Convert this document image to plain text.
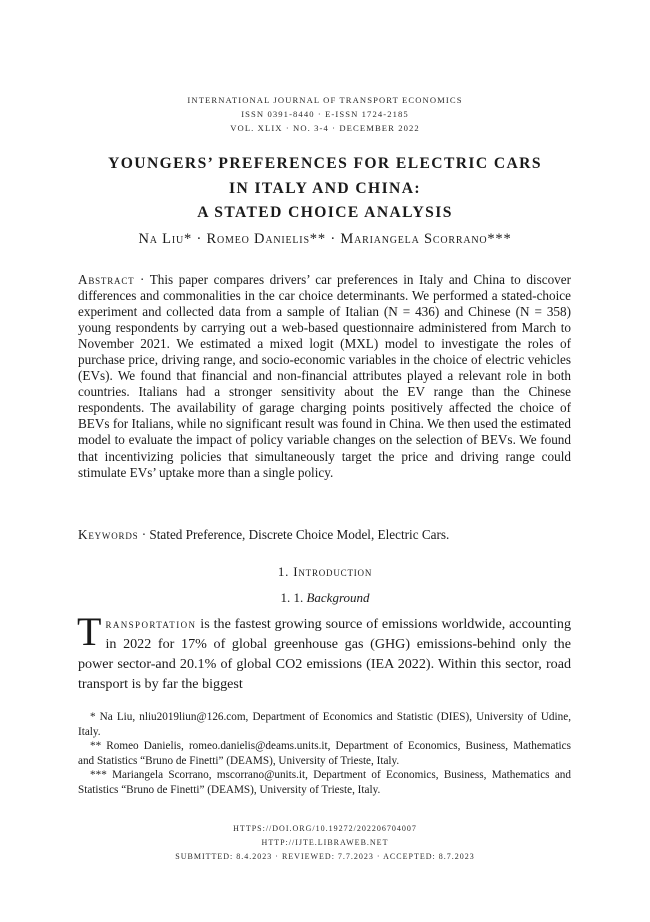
INTERNATIONAL JOURNAL OF TRANSPORT ECONOMICS
ISSN 0391-8440 · E-ISSN 1724-2185
VOL. XLIX · NO. 3-4 · DECEMBER 2022
YOUNGERS’ PREFERENCES FOR ELECTRIC CARS
IN ITALY AND CHINA:
A STATED CHOICE ANALYSIS
Na Liu* · Romeo Danielis** · Mariangela Scorrano***
Abstract · This paper compares drivers’ car preferences in Italy and China to discover differences and commonalities in the car choice determinants. We performed a stated-choice experiment and collected data from a sample of Italian (N = 436) and Chinese (N = 358) young respondents by carrying out a web-based questionnaire administered from March to November 2021. We estimated a mixed logit (MXL) model to investigate the roles of purchase price, driving range, and socio-economic variables in the choice of electric vehicles (EVs). We found that financial and non-financial attributes played a relevant role in both countries. Italians had a stronger sensitivity about the EV range than the Chinese respondents. The availability of garage charging points positively affected the choice of BEVs for Italians, while no significant result was found in China. We then used the estimated model to evaluate the impact of policy variable changes on the selection of BEVs. We found that incentivizing policies that simultaneously target the price and driving range could stimulate EVs’ uptake more than a single policy.
Keywords · Stated Preference, Discrete Choice Model, Electric Cars.
1. Introduction
1. 1. Background
Transportation is the fastest growing source of emissions worldwide, accounting in 2022 for 17% of global greenhouse gas (GHG) emissions-behind only the power sector-and 20.1% of global CO2 emissions (IEA 2022). Within this sector, road transport is by far the biggest

* Na Liu, nliu2019liun@126.com, Department of Economics and Statistic (DIES), University of Udine, Italy.

** Romeo Danielis, romeo.danielis@deams.units.it, Department of Economics, Business, Mathematics and Statistics “Bruno de Finetti” (DEAMS), University of Trieste, Italy.

*** Mariangela Scorrano, mscorrano@units.it, Department of Economics, Business, Mathematics and Statistics “Bruno de Finetti” (DEAMS), University of Trieste, Italy.

HTTPS://DOI.ORG/10.19272/202206704007
HTTP://IJTE.LIBRAWEB.NET
SUBMITTED: 8.4.2023 · REVIEWED: 7.7.2023 · ACCEPTED: 8.7.2023
